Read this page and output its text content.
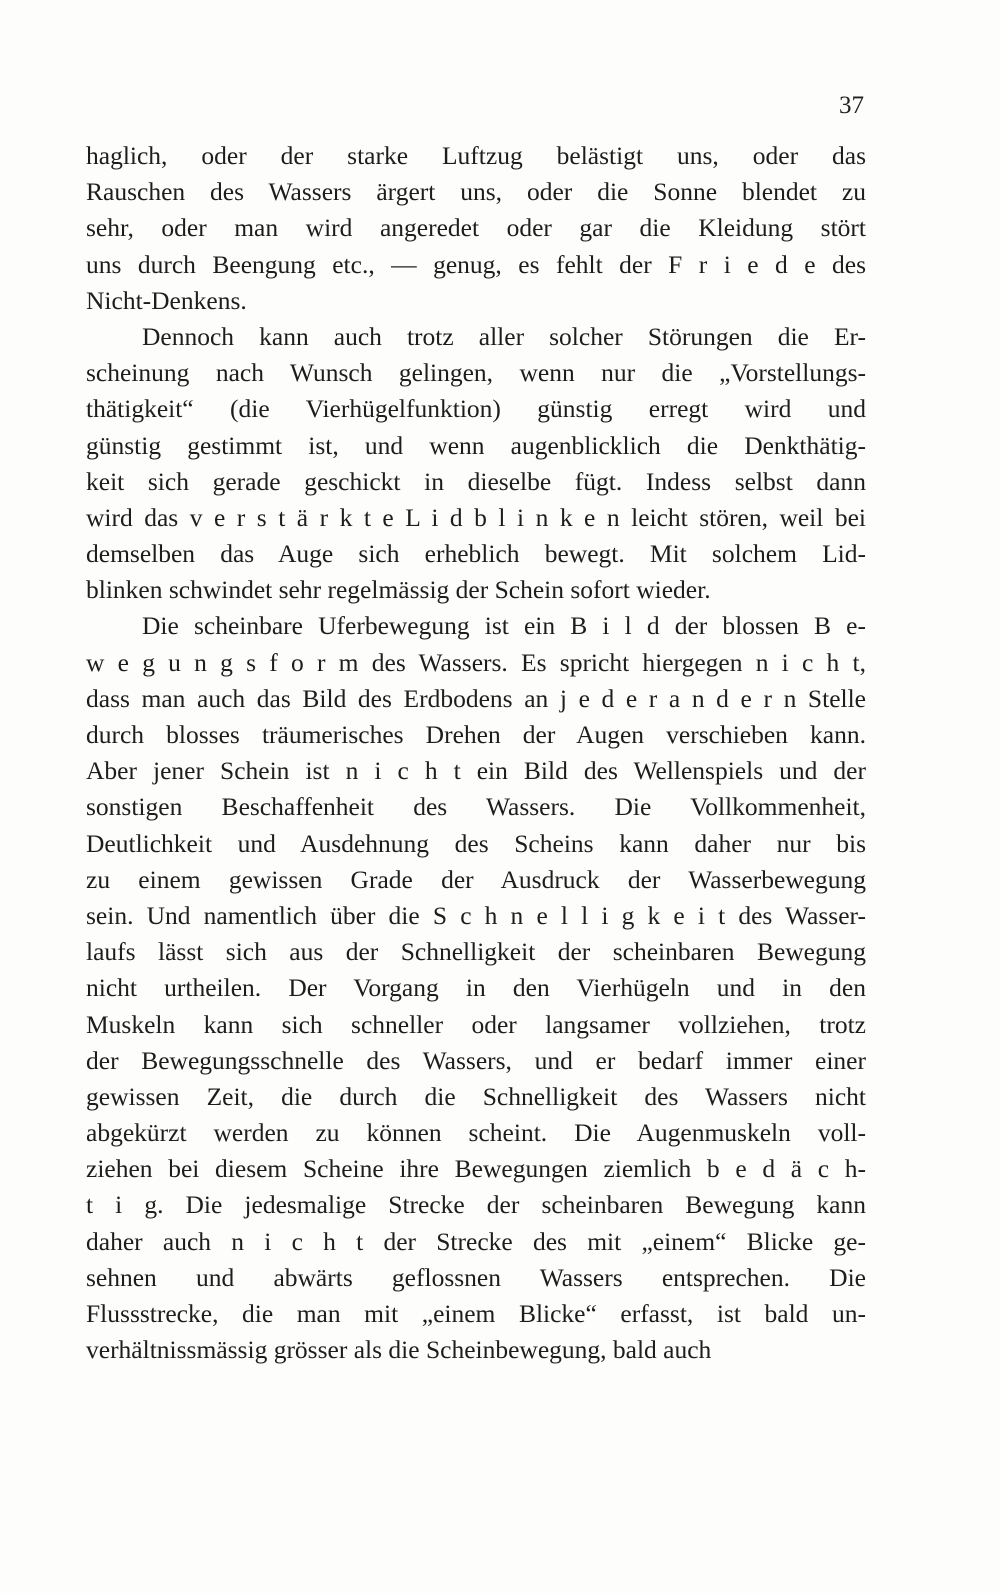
37
haglich, oder der starke Luftzug belästigt uns, oder das
Rauschen des Wassers ärgert uns, oder die Sonne blendet zu
sehr, oder man wird angeredet oder gar die Kleidung stört
uns durch Beengung etc., — genug, es fehlt der F r i e d e des
Nicht-Denkens.
Dennoch kann auch trotz aller solcher Störungen die Er-
scheinung nach Wunsch gelingen, wenn nur die „Vorstellungs-
thätigkeit“ (die Vierhügelfunktion) günstig erregt wird und
günstig gestimmt ist, und wenn augenblicklich die Denkthätig-
keit sich gerade geschickt in dieselbe fügt. Indess selbst dann
wird das v e r s t ä r k t e L i d b l i n k e n leicht stören, weil bei
demselben das Auge sich erheblich bewegt. Mit solchem Lid-
blinken schwindet sehr regelmässig der Schein sofort wieder.
Die scheinbare Uferbewegung ist ein B i l d der blossen B e-
w e g u n g s f o r m des Wassers. Es spricht hiergegen n i c h t,
dass man auch das Bild des Erdbodens an j e d e r a n d e r n Stelle
durch blosses träumerisches Drehen der Augen verschieben kann.
Aber jener Schein ist n i c h t ein Bild des Wellenspiels und der
sonstigen Beschaffenheit des Wassers. Die Vollkommenheit,
Deutlichkeit und Ausdehnung des Scheins kann daher nur bis
zu einem gewissen Grade der Ausdruck der Wasserbewegung
sein. Und namentlich über die S c h n e l l i g k e i t des Wasser-
laufs lässt sich aus der Schnelligkeit der scheinbaren Bewegung
nicht urtheilen. Der Vorgang in den Vierhügeln und in den
Muskeln kann sich schneller oder langsamer vollziehen, trotz
der Bewegungsschnelle des Wassers, und er bedarf immer einer
gewissen Zeit, die durch die Schnelligkeit des Wassers nicht
abgekürzt werden zu können scheint. Die Augenmuskeln voll-
ziehen bei diesem Scheine ihre Bewegungen ziemlich b e d ä c h-
t i g. Die jedesmalige Strecke der scheinbaren Bewegung kann
daher auch n i c h t der Strecke des mit „einem“ Blicke ge-
sehnen und abwärts geflossnen Wassers entsprechen. Die
Flussstrecke, die man mit „einem Blicke“ erfasst, ist bald un-
verhältnissmässig grösser als die Scheinbewegung, bald auch
